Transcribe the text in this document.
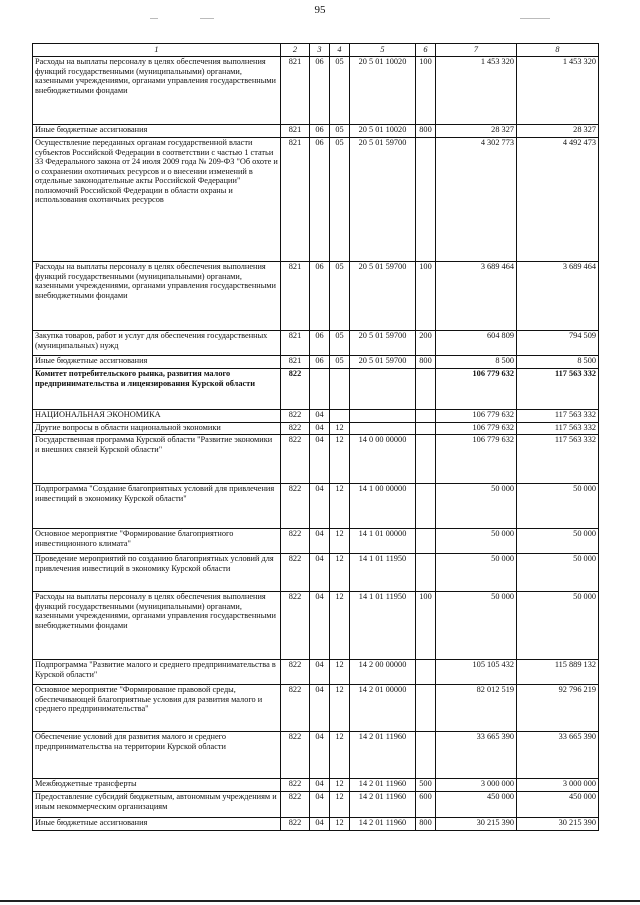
95
1	2	3	4	5	6	7	8
Расходы на выплаты персоналу в целях обеспечения выполнения функций государственными (муниципальными) органами, казенными учреждениями, органами управления государственными внебюджетными фондами	821	06	05	20 5 01 10020	100	1 453 320	1 453 320
Иные бюджетные ассигнования	821	06	05	20 5 01 10020	800	28 327	28 327
Осуществление переданных органам государственной власти субъектов Российской Федерации в соответствии с частью 1 статьи 33 Федерального закона от 24 июля 2009 года № 209-ФЗ "Об охоте и о сохранении охотничьих ресурсов и о внесении изменений в отдельные законодательные акты Российской Федерации" полномочий Российской Федерации в области охраны и использования охотничьих ресурсов	821	06	05	20 5 01 59700		4 302 773	4 492 473
Расходы на выплаты персоналу в целях обеспечения выполнения функций государственными (муниципальными) органами, казенными учреждениями, органами управления государственными внебюджетными фондами	821	06	05	20 5 01 59700	100	3 689 464	3 689 464
Закупка товаров, работ и услуг для обеспечения государственных (муниципальных) нужд	821	06	05	20 5 01 59700	200	604 809	794 509
Иные бюджетные ассигнования	821	06	05	20 5 01 59700	800	8 500	8 500
Комитет потребительского рынка, развития малого предпринимательства и лицензирования Курской области	822					106 779 632	117 563 332
НАЦИОНАЛЬНАЯ ЭКОНОМИКА	822	04				106 779 632	117 563 332
Другие вопросы в области национальной экономики	822	04	12			106 779 632	117 563 332
Государственная программа Курской области "Развитие экономики и внешних связей Курской области"	822	04	12	14 0 00 00000		106 779 632	117 563 332
Подпрограмма "Создание благоприятных условий для привлечения инвестиций в экономику Курской области"	822	04	12	14 1 00 00000		50 000	50 000
Основное мероприятие "Формирование благоприятного инвестиционного климата"	822	04	12	14 1 01 00000		50 000	50 000
Проведение мероприятий по созданию благоприятных условий для привлечения инвестиций в экономику Курской области	822	04	12	14 1 01 11950		50 000	50 000
Расходы на выплаты персоналу в целях обеспечения выполнения функций государственными (муниципальными) органами, казенными учреждениями, органами управления государственными внебюджетными фондами	822	04	12	14 1 01 11950	100	50 000	50 000
Подпрограмма "Развитие малого и среднего предпринимательства в Курской области"	822	04	12	14 2 00 00000		105 105 432	115 889 132
Основное мероприятие "Формирование правовой среды, обеспечивающей благоприятные условия для развития малого и среднего предпринимательства"	822	04	12	14 2 01 00000		82 012 519	92 796 219
Обеспечение условий для развития малого и среднего предпринимательства на территории Курской области	822	04	12	14 2 01 11960		33 665 390	33 665 390
Межбюджетные трансферты	822	04	12	14 2 01 11960	500	3 000 000	3 000 000
Предоставление субсидий бюджетным, автономным учреждениям и иным некоммерческим организациям	822	04	12	14 2 01 11960	600	450 000	450 000
Иные бюджетные ассигнования	822	04	12	14 2 01 11960	800	30 215 390	30 215 390
